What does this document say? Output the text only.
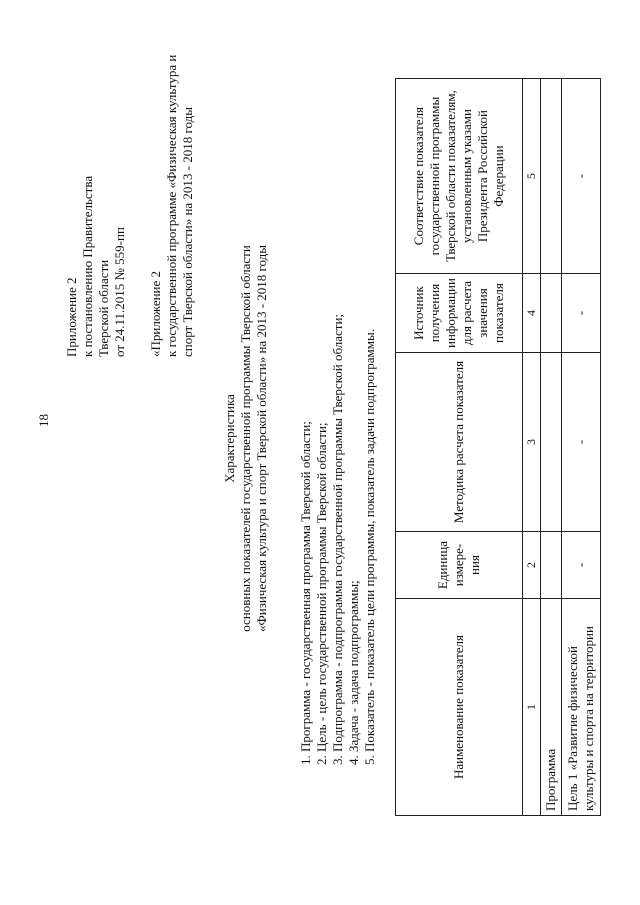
18
Приложение 2 к постановлению Правительства Тверской области от 24.11.2015 № 559-пп «Приложение 2 к государственной программе «Физическая культура и спорт Тверской области» на 2013 - 2018 годы
Характеристика основных показателей государственной программы Тверской области «Физическая культура и спорт Тверской области» на 2013 - 2018 годы 1. Программа - государственная программа Тверской области; 2. Цель - цель государственной программы Тверской области; 3. Подпрограмма - подпрограмма государственной программы Тверской области; 4. Задача - задача подпрограммы; 5. Показатель - показатель цели программы, показатель задачи подпрограммы.	Наименование показателя	Единица измере-ния	Методика расчета показателя	Источник получения информации для расчета значения показателя	Соответствие показателя государственной программы Тверской области показателям, установленным указами Президента Российской Федерации
1	2	3	4	5
Программа				
Цель 1 «Развитие физической культуры и спорта на территории	-	-	-	-
